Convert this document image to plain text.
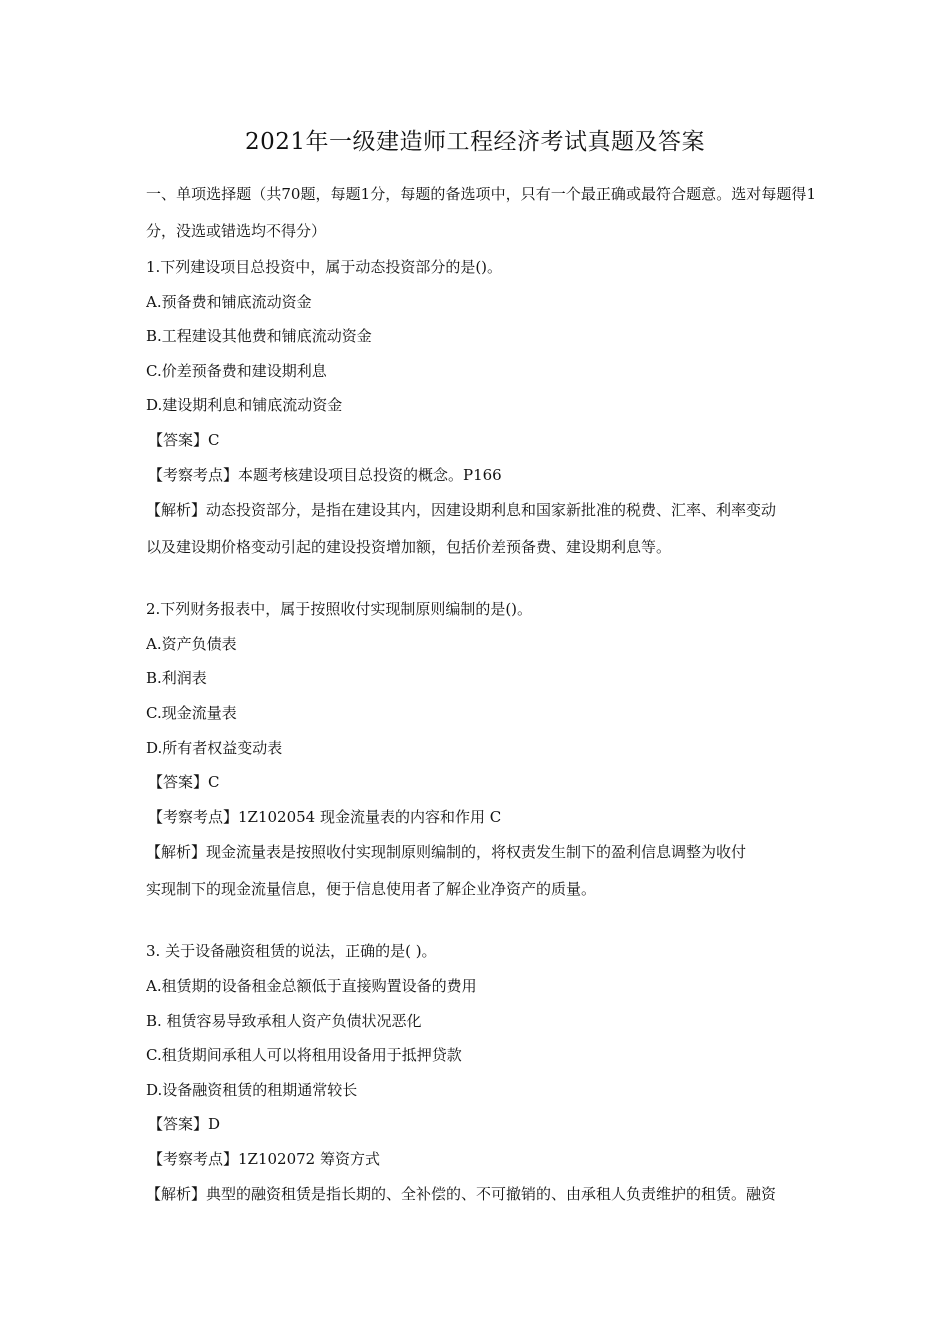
2021年一级建造师工程经济考试真题及答案
一、单项选择题（共70题，每题1分，每题的备选项中，只有一个最正确或最符合题意。选对每题得1分，没选或错选均不得分）
1.下列建设项目总投资中，属于动态投资部分的是()。
A.预备费和铺底流动资金
B.工程建设其他费和铺底流动资金
C.价差预备费和建设期利息
D.建设期利息和铺底流动资金
【答案】C
【考察考点】本题考核建设项目总投资的概念。P166
【解析】动态投资部分，是指在建设其内，因建设期利息和国家新批准的税费、汇率、利率变动
以及建设期价格变动引起的建设投资增加额，包括价差预备费、建设期利息等。
2.下列财务报表中，属于按照收付实现制原则编制的是()。
A.资产负债表
B.利润表
C.现金流量表
D.所有者权益变动表
【答案】C
【考察考点】1Z102054 现金流量表的内容和作用 C
【解析】现金流量表是按照收付实现制原则编制的，将权责发生制下的盈利信息调整为收付
实现制下的现金流量信息，便于信息使用者了解企业净资产的质量。
3. 关于设备融资租赁的说法，正确的是( )。
A.租赁期的设备租金总额低于直接购置设备的费用
B. 租赁容易导致承租人资产负债状况恶化
C.租货期间承租人可以将租用设备用于抵押贷款
D.设备融资租赁的租期通常较长
【答案】D
【考察考点】1Z102072 筹资方式
【解析】典型的融资租赁是指长期的、全补偿的、不可撤销的、由承租人负责维护的租赁。融资
